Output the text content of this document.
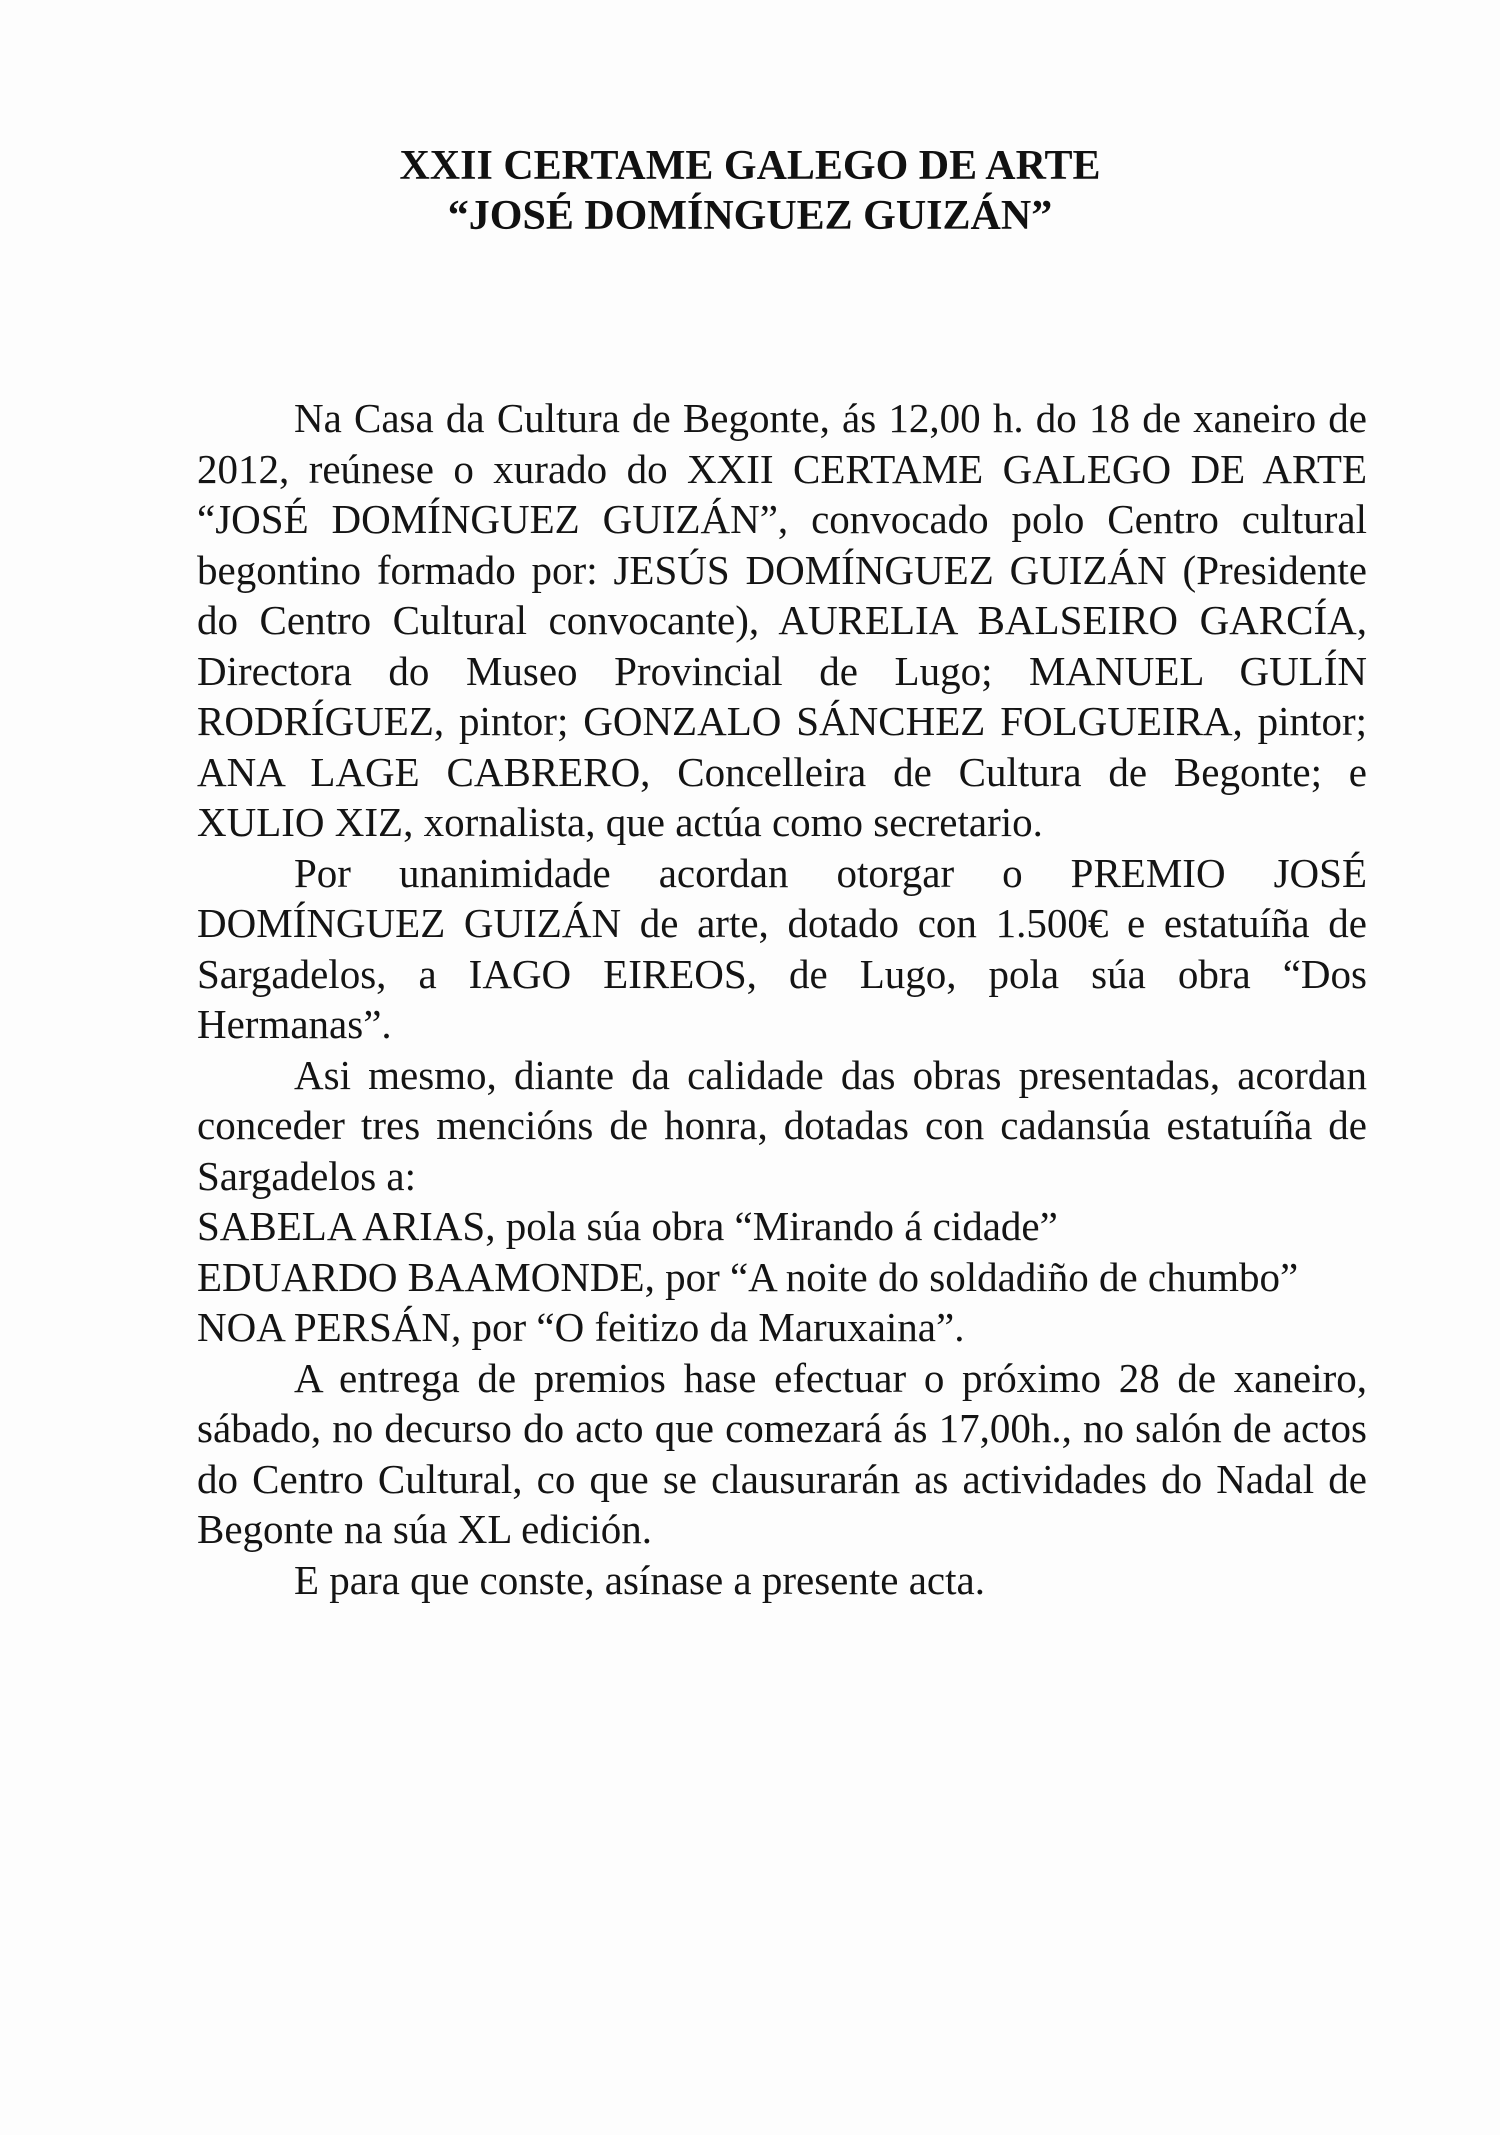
XXII CERTAME GALEGO DE ARTE
“JOSÉ DOMÍNGUEZ GUIZÁN”

Na Casa da Cultura de Begonte, ás 12,00 h. do 18 de xaneiro de 2012, reúnese o xurado do XXII CERTAME GALEGO DE ARTE “JOSÉ DOMÍNGUEZ GUIZÁN”, convocado polo Centro cultural begontino formado por: JESÚS DOMÍNGUEZ GUIZÁN (Presidente do Centro Cultural convocante), AURELIA BALSEIRO GARCÍA, Directora do Museo Provincial de Lugo; MANUEL GULÍN RODRÍGUEZ, pintor; GONZALO SÁNCHEZ FOLGUEIRA, pintor; ANA LAGE CABRERO, Concelleira de Cultura de Begonte; e XULIO XIZ, xornalista, que actúa como secretario.

Por unanimidade acordan otorgar o PREMIO JOSÉ DOMÍNGUEZ GUIZÁN de arte, dotado con 1.500€ e estatuíña de Sargadelos, a IAGO EIREOS, de Lugo, pola súa obra “Dos Hermanas”.

Asi mesmo, diante da calidade das obras presentadas, acordan conceder tres mencións de honra, dotadas con cadansúa estatuíña de Sargadelos a:

SABELA ARIAS, pola súa obra “Mirando á cidade”

EDUARDO BAAMONDE, por “A noite do soldadiño de chumbo”

NOA PERSÁN, por “O feitizo da Maruxaina”.

A entrega de premios hase efectuar o próximo 28 de xaneiro, sábado, no decurso do acto que comezará ás 17,00h., no salón de actos do Centro Cultural, co que se clausurarán as actividades do Nadal de Begonte na súa XL edición.

E para que conste, asínase a presente acta.
